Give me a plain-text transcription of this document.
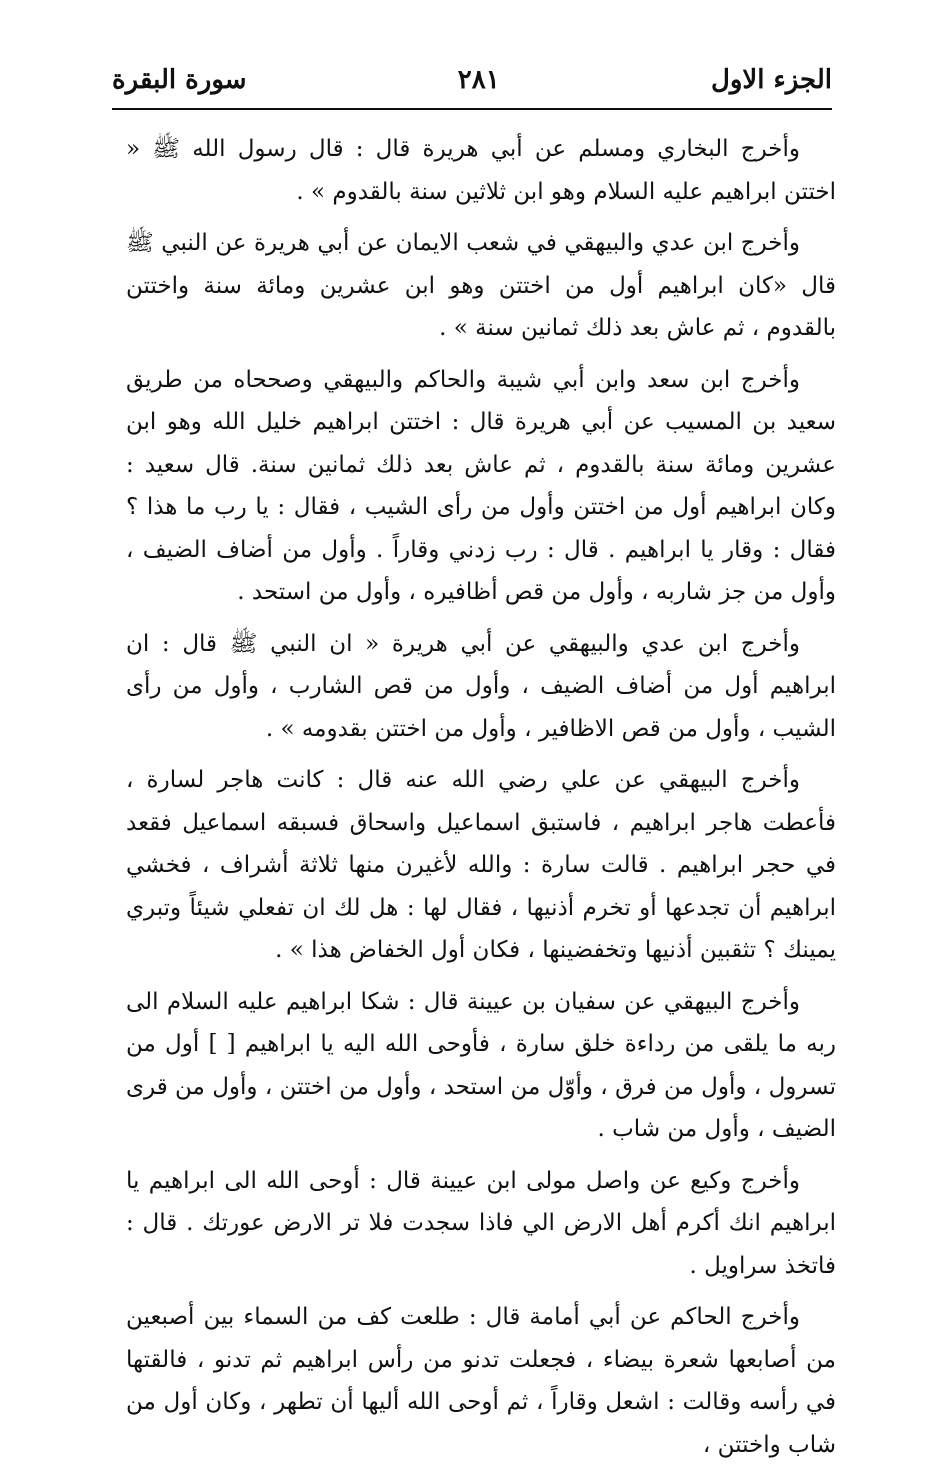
الجزء الاول
٢٨١
سورة البقرة

وأخرج البخاري ومسلم عن أبي هريرة قال : قال رسول الله ﷺ « اختتن ابراهيم عليه السلام وهو ابن ثلاثين سنة بالقدوم » .

وأخرج ابن عدي والبيهقي في شعب الايمان عن أبي هريرة عن النبي ﷺ قال «كان ابراهيم أول من اختتن وهو ابن عشرين ومائة سنة واختتن بالقدوم ، ثم عاش بعد ذلك ثمانين سنة » .

وأخرج ابن سعد وابن أبي شيبة والحاكم والبيهقي وصححاه من طريق سعيد بن المسيب عن أبي هريرة قال : اختتن ابراهيم خليل الله وهو ابن عشرين ومائة سنة بالقدوم ، ثم عاش بعد ذلك ثمانين سنة. قال سعيد : وكان ابراهيم أول من اختتن وأول من رأى الشيب ، فقال : يا رب ما هذا ؟ فقال : وقار يا ابراهيم . قال : رب زدني وقاراً . وأول من أضاف الضيف ، وأول من جز شاربه ، وأول من قص أظافيره ، وأول من استحد .

وأخرج ابن عدي والبيهقي عن أبي هريرة « ان النبي ﷺ قال : ان ابراهيم أول من أضاف الضيف ، وأول من قص الشارب ، وأول من رأى الشيب ، وأول من قص الاظافير ، وأول من اختتن بقدومه » .

وأخرج البيهقي عن علي رضي الله عنه قال : كانت هاجر لسارة ، فأعطت هاجر ابراهيم ، فاستبق اسماعيل واسحاق فسبقه اسماعيل فقعد في حجر ابراهيم . قالت سارة : والله لأغيرن منها ثلاثة أشراف ، فخشي ابراهيم أن تجدعها أو تخرم أذنيها ، فقال لها : هل لك ان تفعلي شيئاً وتبري يمينك ؟ تثقبين أذنيها وتخفضينها ، فكان أول الخفاض هذا » .

وأخرج البيهقي عن سفيان بن عيينة قال : شكا ابراهيم عليه السلام الى ربه ما يلقى من رداءة خلق سارة ، فأوحى الله اليه يا ابراهيم [ ] أول من تسرول ، وأول من فرق ، وأوّل من استحد ، وأول من اختتن ، وأول من قرى الضيف ، وأول من شاب .

وأخرج وكيع عن واصل مولى ابن عيينة قال : أوحى الله الى ابراهيم يا ابراهيم انك أكرم أهل الارض الي فاذا سجدت فلا تر الارض عورتك . قال : فاتخذ سراويل .

وأخرج الحاكم عن أبي أمامة قال : طلعت كف من السماء بين أصبعين من أصابعها شعرة بيضاء ، فجعلت تدنو من رأس ابراهيم ثم تدنو ، فالقتها في رأسه وقالت : اشعل وقاراً ، ثم أوحى الله أليها أن تطهر ، وكان أول من شاب واختتن ،
